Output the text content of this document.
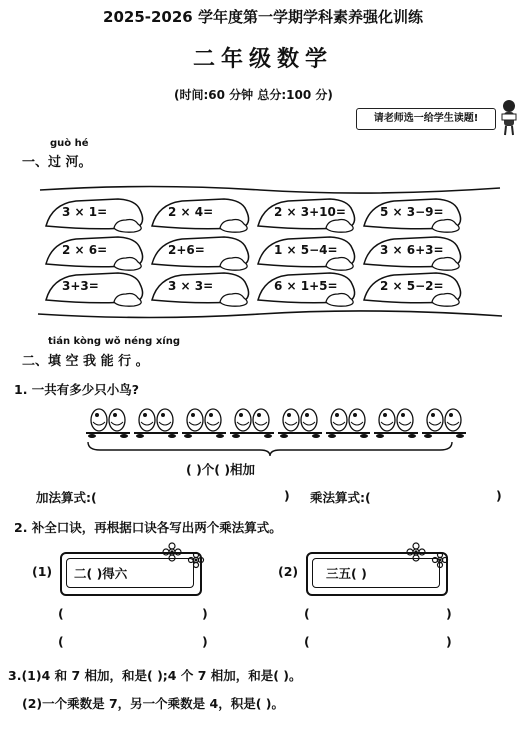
2025-2026 学年度第一学期学科素养强化训练
二年级数学
(时间:60 分钟 总分:100 分)
请老师选一给学生读题!
guò hé
一、过 河。
3 × 1=	2 × 4=	2 × 3+10=	5 × 3−9=
2 × 6=	2+6=	1 × 5−4=	3 × 6+3=
3+3=	3 × 3=	6 × 1+5=	2 × 5−2=
tián kòng wǒ néng xíng
二、填 空 我 能 行 。
1. 一共有多少只小鸟?
( )个( )相加
加法算式:(	) 乘法算式:(	)
2. 补全口诀，再根据口诀各写出两个乘法算式。
(1) 二( )得六	(2) 三五( )
(	)	(	)
(	)	(	)
3.(1)4 和 7 相加，和是( );4 个 7 相加，和是( )。
(2)一个乘数是 7，另一个乘数是 4，积是( )。
